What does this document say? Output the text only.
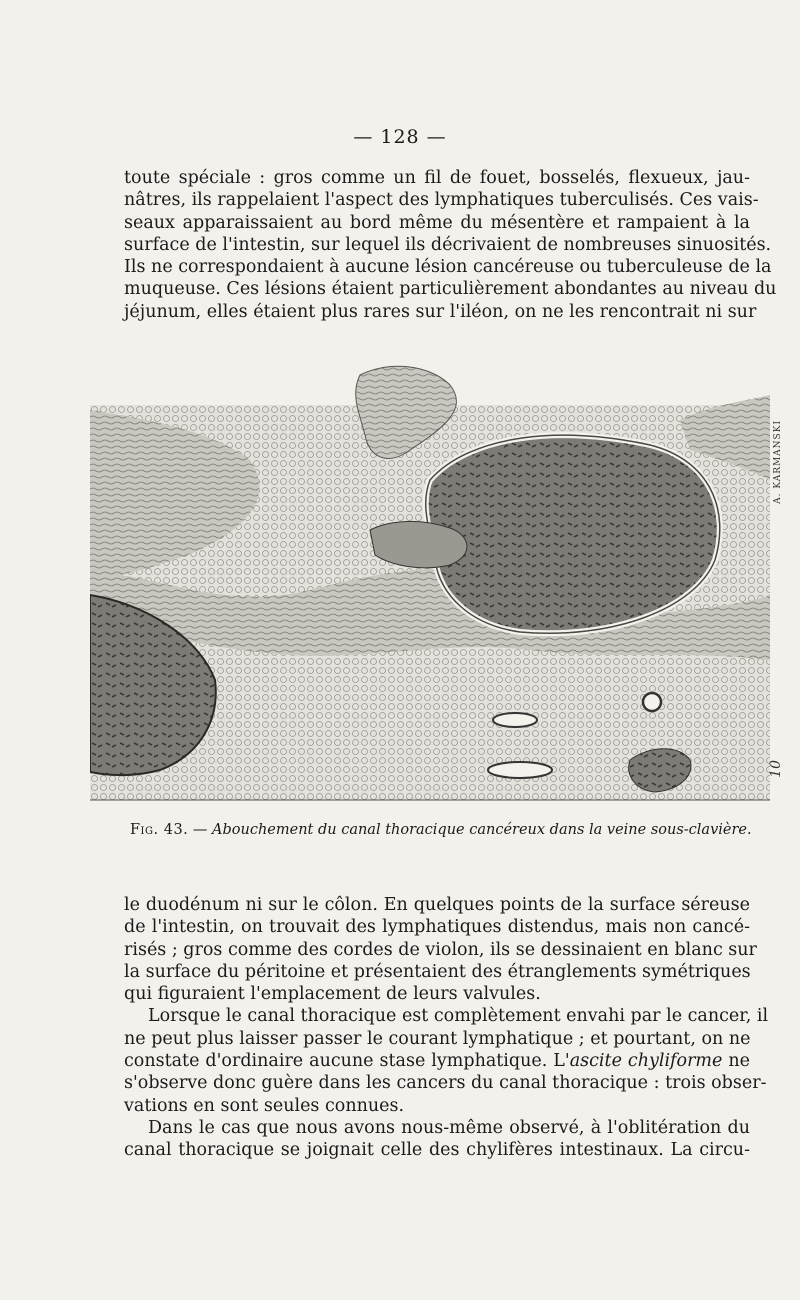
— 128 —

toute spéciale : gros comme un fil de fouet, bosselés, flexueux, jau-
nâtres, ils rappelaient l'aspect des lymphatiques tuberculisés. Ces vais-
seaux apparaissaient au bord même du mésentère et rampaient à la
surface de l'intestin, sur lequel ils décrivaient de nombreuses sinuosités.
Ils ne correspondaient à aucune lésion cancéreuse ou tuberculeuse de la
muqueuse. Ces lésions étaient particulièrement abondantes au niveau du
jéjunum, elles étaient plus rares sur l'iléon, on ne les rencontrait ni sur

A. KARMANSKI
10
Fig. 43. — Abouchement du canal thoracique cancéreux dans la veine sous-clavière.
le duodénum ni sur le côlon. En quelques points de la surface séreuse
de l'intestin, on trouvait des lymphatiques distendus, mais non cancé-
risés ; gros comme des cordes de violon, ils se dessinaient en blanc sur
la surface du péritoine et présentaient des étranglements symétriques
qui figuraient l'emplacement de leurs valvules.
Lorsque le canal thoracique est complètement envahi par le cancer, il
ne peut plus laisser passer le courant lymphatique ; et pourtant, on ne
constate d'ordinaire aucune stase lymphatique. L'ascite chyliforme ne
s'observe donc guère dans les cancers du canal thoracique : trois obser-
vations en sont seules connues.
Dans le cas que nous avons nous-même observé, à l'oblitération du
canal thoracique se joignait celle des chylifères intestinaux. La circu-
